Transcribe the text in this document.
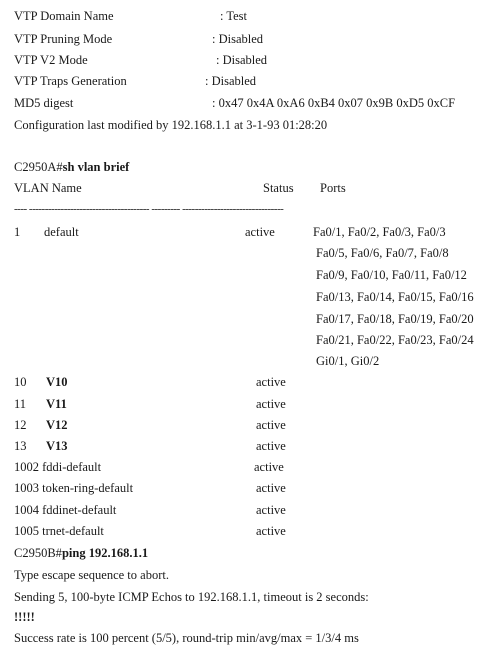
VTP Domain Name	: Test
VTP Pruning Mode	: Disabled
VTP V2 Mode	: Disabled
VTP Traps Generation	: Disabled
MD5 digest	: 0x47 0x4A 0xA6 0xB4 0x07 0x9B 0xD5 0xCF
Configuration last modified by 192.168.1.1 at 3-1-93 01:28:20
C2950A#sh vlan brief
VLAN Name	Status Ports
---- -------------------------------------- --------- --------------------------------
1 default	active	Fa0/1, Fa0/2, Fa0/3, Fa0/3
Fa0/5, Fa0/6, Fa0/7, Fa0/8
Fa0/9, Fa0/10, Fa0/11, Fa0/12
Fa0/13, Fa0/14, Fa0/15, Fa0/16
Fa0/17, Fa0/18, Fa0/19, Fa0/20
Fa0/21, Fa0/22, Fa0/23, Fa0/24
Gi0/1, Gi0/2
10 V10	active
11 V11	active
12 V12	active
13 V13	active
1002 fddi-default	active
1003 token-ring-default	active
1004 fddinet-default	active
1005 trnet-default	active
C2950B#ping 192.168.1.1
Type escape sequence to abort.
Sending 5, 100-byte ICMP Echos to 192.168.1.1, timeout is 2 seconds:
!!!!!
Success rate is 100 percent (5/5), round-trip min/avg/max = 1/3/4 ms
